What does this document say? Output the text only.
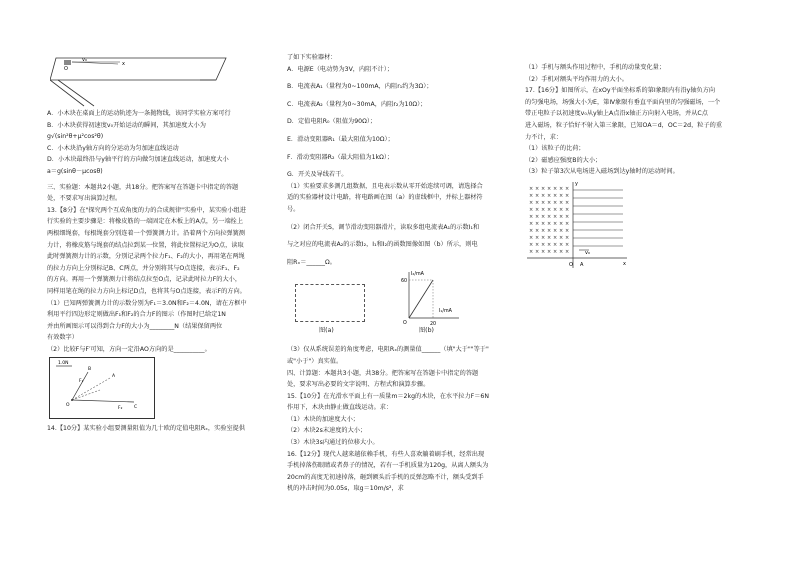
O
v₀
x

A．小木块在桌面上的运动轨迹为一条抛物线，该同学实验方案可行

B．小木块获得初速度v₀开始运动的瞬间，其加速度大小为

g√(sin²θ+μ²cos²θ)

C．小木块沿y轴方向的分运动为匀加速直线运动

D．小木块最终沿与y轴平行的方向做匀加速直线运动，加速度大小

a＝g(sinθ－μcosθ)

三、实验题：本题共2小题，共18分。把答案写在答题卡中指定的答题

处，不要求写出演算过程。

13.【8分】在"探究两个互成角度的力的合成规律"实验中，某实验小组进

行实验的主要步骤是：将橡皮筋的一端固定在木板上的A点，另一端拴上

两根细绳套，每根绳套分别连着一个弹簧测力计。沿着两个方向拉弹簧测

力计，将橡皮筋与绳套的结点拉到某一位置，将此位置标记为O点，读取

此时弹簧测力计的示数，分别记录两个拉力F₁、F₂的大小，再用笔在两绳

的拉力方向上分别标记B、C两点，并分别将其与O点连接，表示F₁、F₂

的方向。再用一个弹簧测力计将结点拉至O点，记录此时拉力F的大小，

同样用笔在绳的拉力方向上标记D点，也将其与O点连接，表示F的方向。

（1）已知两弹簧测力计的示数分别为F₁＝3.0N和F₂＝4.0N，请在方框中

利用平行四边形定则做出F₁和F₂的合力F的图示（作图时已给定1N

并由所画图示可以得到合力F的大小为________N（结果保留两位

有效数字）

（2）比较F与F′可知，方向一定沿AO方向的是__________。

1.0N
O
B
F₁
A
F₂	C

14.【10分】某实验小组要测量阻值为几十欧的定值电阻Rₓ，实验室提供

了如下实验器材：

A．电源E（电动势为3V，内阻不计）；

B．电流表A₁（量程为0~100mA，内阻r₁约为3Ω）；

C．电流表A₂（量程为0~30mA，内阻r₂为10Ω）；

D．定值电阻R₀（阻值为90Ω）；

E．滑动变阻器R₁（最大阻值为10Ω）；

F．滑动变阻器R₂（最大阻值为1kΩ）；

G．开关及导线若干。

（1）实验要求多测几组数据，且电表示数从零开始连续可调，请选择合

适的实验器材设计电路，将电路画在图（a）的虚线框中，并标上器材符

号。

（2）闭合开关S，调节滑动变阻器滑片，读取多组电流表A₁的示数I₁和

与之对应的电流表A₂的示数I₂，I₁和I₂的函数图像如图（b）所示，则电

阻Rₓ＝______Ω。

图(a)

I₂/mA
I₁/mA
60
20
O

图(b)

（3）仅从系统误差的角度考虑，电阻Rₓ的测量值______（填"大于""等于"

或"小于"）真实值。

四、计算题：本题共3小题，共38分。把答案写在答题卡中指定的答题

处，要求写出必要的文字说明、方程式和演算步骤。

15.【10分】在光滑水平面上有一质量m＝2kg的木块，在水平拉力F＝6N

作用下，木块由静止做直线运动。求：

（1）木块的加速度大小；

（2）木块2s末速度的大小；

（3）木块3s内通过的位移大小。

16.【12分】现代人越来越依赖手机，有些人喜欢躺着刷手机，经常出现

手机掉落伤眼睛或者鼻子的情况，若有一手机质量为120g，从离人额头为

20cm的高度无初速掉落，砸到额头后手机的反弹忽略不计，额头受到手

机的冲击时间为0.05s，取g＝10m/s²，求

（1）手机与额头作用过程中，手机的动量变化量；

（2）手机对额头平均作用力的大小。

17.【16分】如图所示，在xOy平面坐标系的第Ⅰ象限内有沿y轴负方向

的匀强电场，场强大小为E，第Ⅳ象限有垂直平面向里的匀强磁场，一个

带正电粒子以初速度v₀从y轴上A点沿x轴正方向射入电场，并从C点

进入磁场，粒子恰好不射入第三象限，已知OA＝d，OC＝2d，粒子的重

力不计，求：

（1）该粒子的比荷；

（2）磁感应强度B的大小；

（3）粒子第3次从电场进入磁场到达y轴时的运动时间。

y
x
O A
v₀
× × × × × × ×
× × × × × × ×
× × × × × × ×
× × × × × × ×
× × × × × × ×
× × × × × × ×
× × × × × × ×
× × × × × × ×
× × × × × × ×
× × × × × × ×
